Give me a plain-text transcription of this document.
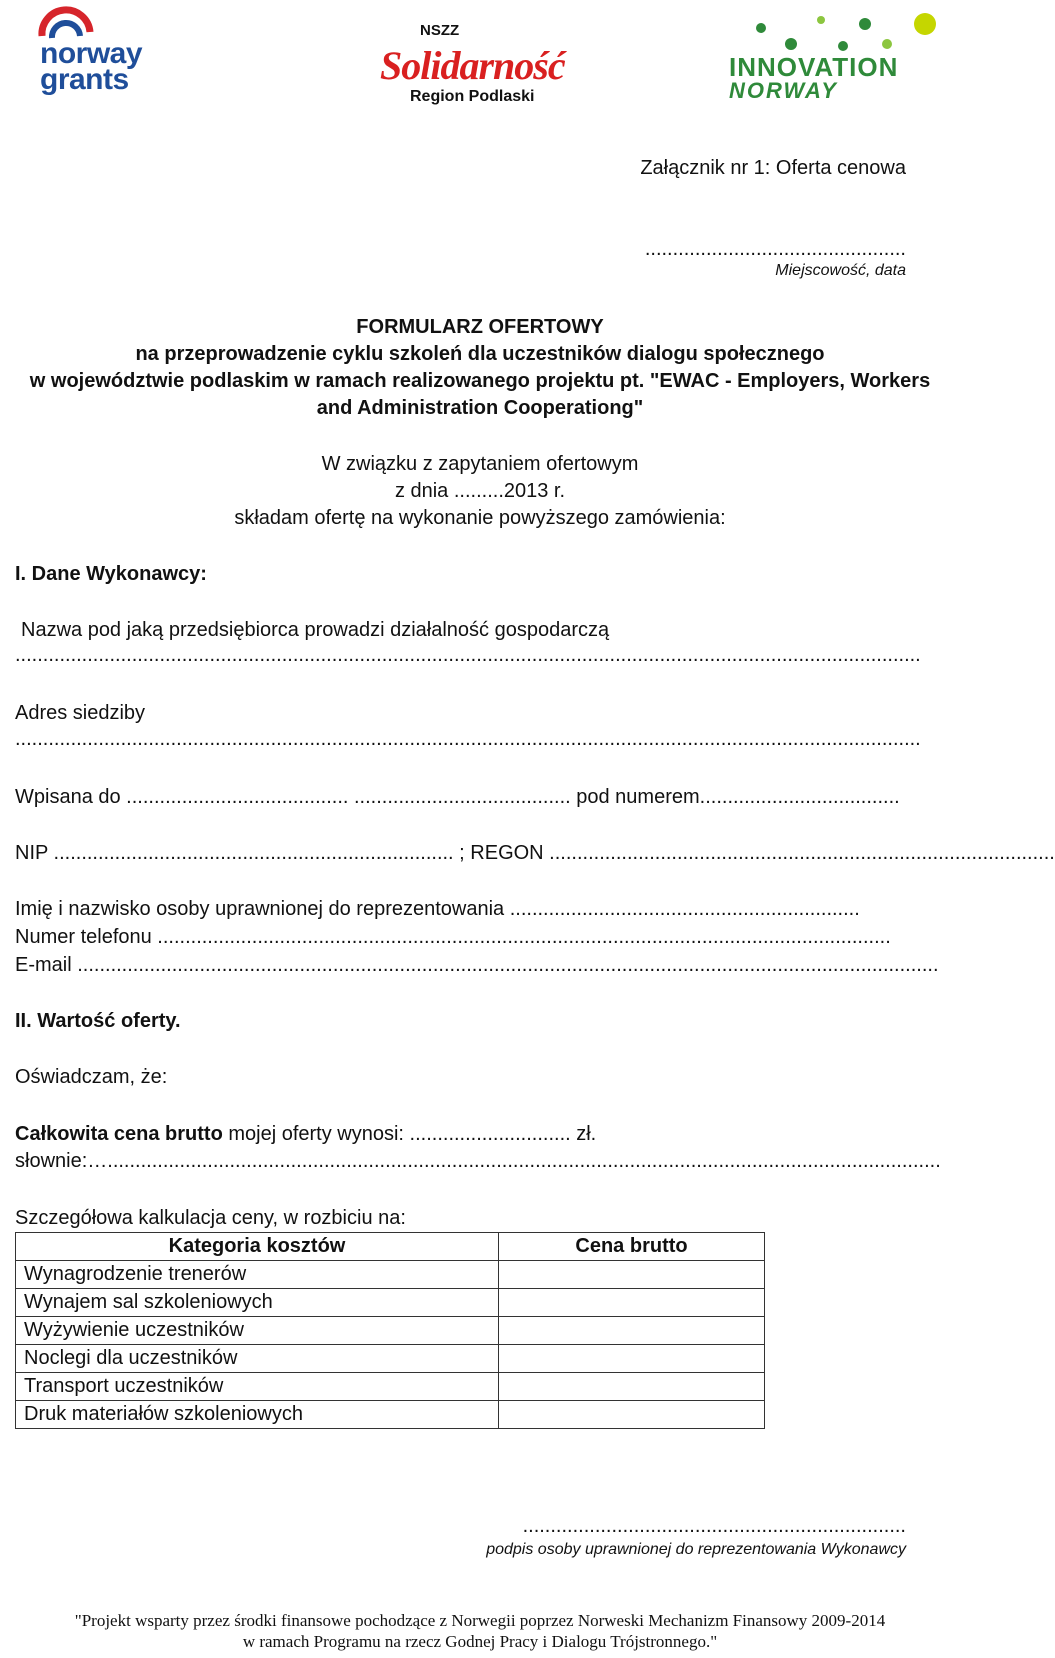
norway
grants
NSZZ
Solidarność
Region Podlaski
INNOVATION
NORWAY
Załącznik nr 1: Oferta cenowa
...............................................
Miejscowość, data
FORMULARZ OFERTOWY
na przeprowadzenie cyklu szkoleń dla uczestników dialogu społecznego
w województwie podlaskim w ramach realizowanego projektu pt. "EWAC - Employers, Workers
and Administration Cooperationg"
W związku z zapytaniem ofertowym
z dnia .........2013 r.
składam ofertę na wykonanie powyższego zamówienia:
I. Dane Wykonawcy:
Nazwa pod jaką przedsiębiorca prowadzi działalność gospodarczą
...................................................................................................................................................................
Adres siedziby
...................................................................................................................................................................
Wpisana do ........................................ ....................................... pod numerem....................................
NIP ........................................................................ ; REGON ...........................................................................................
Imię i nazwisko osoby uprawnionej do reprezentowania ...............................................................
Numer telefonu ....................................................................................................................................
E-mail ...........................................................................................................................................................
II. Wartość oferty.
Oświadczam, że:
Całkowita cena brutto mojej oferty wynosi: ............................. zł.
słownie:…......................................................................................................................................................
Szczegółowa kalkulacja ceny, w rozbiciu na:
Kategoria kosztów	Cena brutto
Wynagrodzenie trenerów	
Wynajem sal szkoleniowych	
Wyżywienie uczestników	
Noclegi dla uczestników	
Transport uczestników	
Druk materiałów szkoleniowych	
.....................................................................
podpis osoby uprawnionej do reprezentowania Wykonawcy
"Projekt wsparty przez środki finansowe pochodzące z Norwegii poprzez Norweski Mechanizm Finansowy 2009-2014
w ramach Programu na rzecz Godnej Pracy i Dialogu Trójstronnego."
